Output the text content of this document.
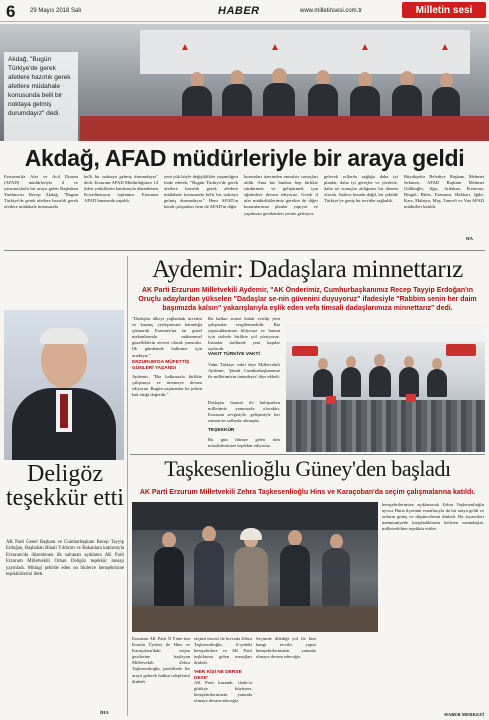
6 29 Mayıs 2018 Salı	HABER	www.milletinsesi.com.tr	Milletin sesi
▲	▲	▲	▲
Akdağ, "Bugün Türkiye'de gerek afetlere hazırlık gerek afetlere müdahale konusunda belli bir noktaya gelmiş durumdayız" dedi.
Akdağ, AFAD müdürleriyle bir araya geldi
Erzurum'da Afet ve Acil Durum (AFAD) müdürleriyle il ve yatırımcılarla bir araya gelen Başbakan Yardımcısı Recep Akdağ, "Bugün Türkiye'de gerek afetlere hazırlık gerek afetlere müdahale konusunda
belli bir noktaya gelmiş durumdayız" dedi. Erzurum AFAD Müdürlüğünce 14 ilden yetkililerin katılımıyla düzenlenen Koordinasyon toplantısı Erzurum AFAD binasında yapıldı.
yeni yük böyle değişiklikler yaşandığını ifade ederek, "Bugün Türkiye'de gerek afetlere hazırlık gerek afetlere müdahale konusunda belli bir noktaya gelmiş durumdayız." Hem AFAD'ın kendi çalışanları hem de AFAD'ın diğer
kurumları üzerinden emsalsiz sonuçları aldık. Ama biz bunları hep birlikte sürdürmek ve geliştirmek için eğitimlere devam ediyoruz. Gerek il afet müdürlüklerimiz gerekse de diğer kurumlarımız planlar yapıyor ve yapılması gerekenleri yerine getiriyor.
gelecek yıllarda sağlığa daha iyi planlar, daha iyi gereçler ve yönlerle, daha iyi sonuçlar aldığımız bir dönem olacak. Sadece burada değil, bir şekilde Türkiye'ye geniş bir tecrübe sağladık.
Büyükşehir Belediye Başkanı Mehmet Sekmen, AFAD Başkanı Mehmet Güllüoğlu, Ağrı, Ardahan, Erzincan, Bingöl, Bitlis, Erzurum, Hakkari, Iğdır, Kars, Malatya, Muş, Tunceli ve Van AFAD müdürleri katıldı.
HA
Aydemir: Dadaşlara minnettarız
AK Parti Erzurum Milletvekili Aydemir, "AK Önderimiz, Cumhurbaşkanımız Recep Tayyip Erdoğan'ın Oruçlu adaylardan yükselen "Dadaşlar se-nin güvenini duyuyoruz" ifadesiyle "Rabbim senin her daim başımızda kalsın" yakarışlarıyla eşlik eden vefa timsali dadaşlarımıza minnettarız" dedi.
Deligöz teşekkür etti
AK Parti Genel Başkanı ve Cumhurbaşkanı Recep Tayyip Erdoğan, Başbakan Binali Yıldırım ve Bakanlara katılımıyla Erzurum'da düzenlenen ilk saltanatı açıklama AK Parti Erzurum Milletvekili Orhan Deligöz teşekkür mesajı yayınladı. Mitingi şehirde eden on binlerce hemşehrisine teşekkürlerini iletti.
İHA
"Dadaşlar ülkeyi yağlanladı ücretini ve kazanç yerleşmesini karanlığa çıkararak Erzurum'un en güzel mekanlarında mükemmel güzelliklerin zirvesi olarak yansıtılır. İlk gündemde halkımız için oradayız."
ERZURUM'DA MÜFETTİŞ GÜNLERİ YAŞANDI
Aydemir, "Biz halkımızla birlikte çalışmaya ve üretmeye devam ediyoruz. Bugün yaşananlar bu şehrin hak ettiği değerdir."
Bu halkın sesine kulak verilip yeni çalışmalar sergilenmelidir. Biz yapacaklarımızı biliyoruz ve bunun için sizlerle birlikte yol yürüyoruz. İnsanlar tarihinde yeni kapılar açılacak.
VAKIT TÜRKİYE VAKTİ
Vakit Türkiye vakti diye Milletvekili Aydemir, 'Şimdi Cumhurbaşkanımız ile milletimizin önündeyiz' diye ekledi.
Dadaşlar hizmet ile buluşurken milletimiz yanımızda olacaktır. Erzurum sevgisiyle, gelişimiyle her zaman ön saflarda olmuştur.
TEŞEKKÜR
Bu gün ilimize gelen tüm misafirlerimize teşekkür ediyoruz.
Taşkesenlioğlu Güney'den başladı
AK Parti Erzurum Milletvekili Zehra Taşkesenlioğlu Hins ve Karaçoban'da seçim çalışmalarına katıldı.
hemşehrilerimize açıklanacak Zehra Taşkesenlioğlu ayrıca Hınıs ilçesinin esnaflarıyla da bir araya geldi ve onların görüş ve düşüncelerini dinledi. Bu ziyaretleri memnuniyetle karşıladıklarını belirten vatandaşlar, milletvekiline teşekkür ettiler.
HABER MERKEZİ
Erzurum AK Parti İl Yöne-tim Kurulu Üyeleri ile Hins ve Karaçoban'daki seçim gezilerine başlayan Milletvekili Zehra Taşkesenlioğlu, partililerle bir araya gelerek halkın taleplerini dinledi.
seçimi öncesi ile bu-rada Zehra Taşkesenlioğlu, il-çedeki hemşehrilere ve AK Parti teşkilatına gelen mesajları dinledi.
'HER KİŞİ NE DERSE DESE'
AK Parti kazandı, ifade-si gittikçe büyüyen, hemşehrilerimizin yanında olmaya devam edeceğiz.
Seçimde dilediği yol ile kim hangi tercihi yapsa hemşehrilerimizin yanında olmaya devam edeceğiz.
